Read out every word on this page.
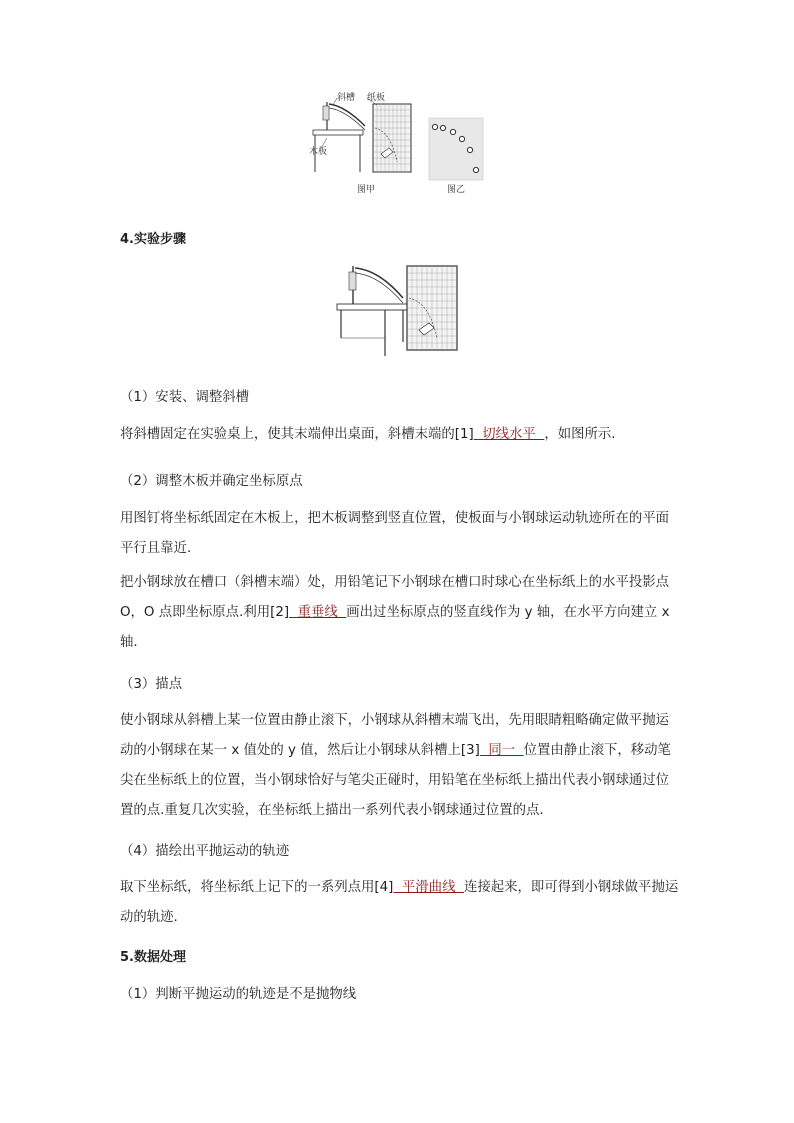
斜槽 纸板
木板
图甲	图乙
4.实验步骤
（1）安装、调整斜槽
将斜槽固定在实验桌上，使其末端伸出桌面，斜槽末端的[1]  切线水平  ，如图所示.
（2）调整木板并确定坐标原点
用图钉将坐标纸固定在木板上，把木板调整到竖直位置，使板面与小钢球运动轨迹所在的平面平行且靠近.
把小钢球放在槽口（斜槽末端）处，用铅笔记下小钢球在槽口时球心在坐标纸上的水平投影点 O，O 点即坐标原点.利用[2]  重垂线  画出过坐标原点的竖直线作为 y 轴，在水平方向建立 x 轴.
（3）描点
使小钢球从斜槽上某一位置由静止滚下，小钢球从斜槽末端飞出，先用眼睛粗略确定做平抛运动的小钢球在某一 x 值处的 y 值，然后让小钢球从斜槽上[3]  同一  位置由静止滚下，移动笔尖在坐标纸上的位置，当小钢球恰好与笔尖正碰时，用铅笔在坐标纸上描出代表小钢球通过位置的点.重复几次实验，在坐标纸上描出一系列代表小钢球通过位置的点.
（4）描绘出平抛运动的轨迹
取下坐标纸，将坐标纸上记下的一系列点用[4]  平滑曲线  连接起来，即可得到小钢球做平抛运动的轨迹.
5.数据处理
（1）判断平抛运动的轨迹是不是抛物线
